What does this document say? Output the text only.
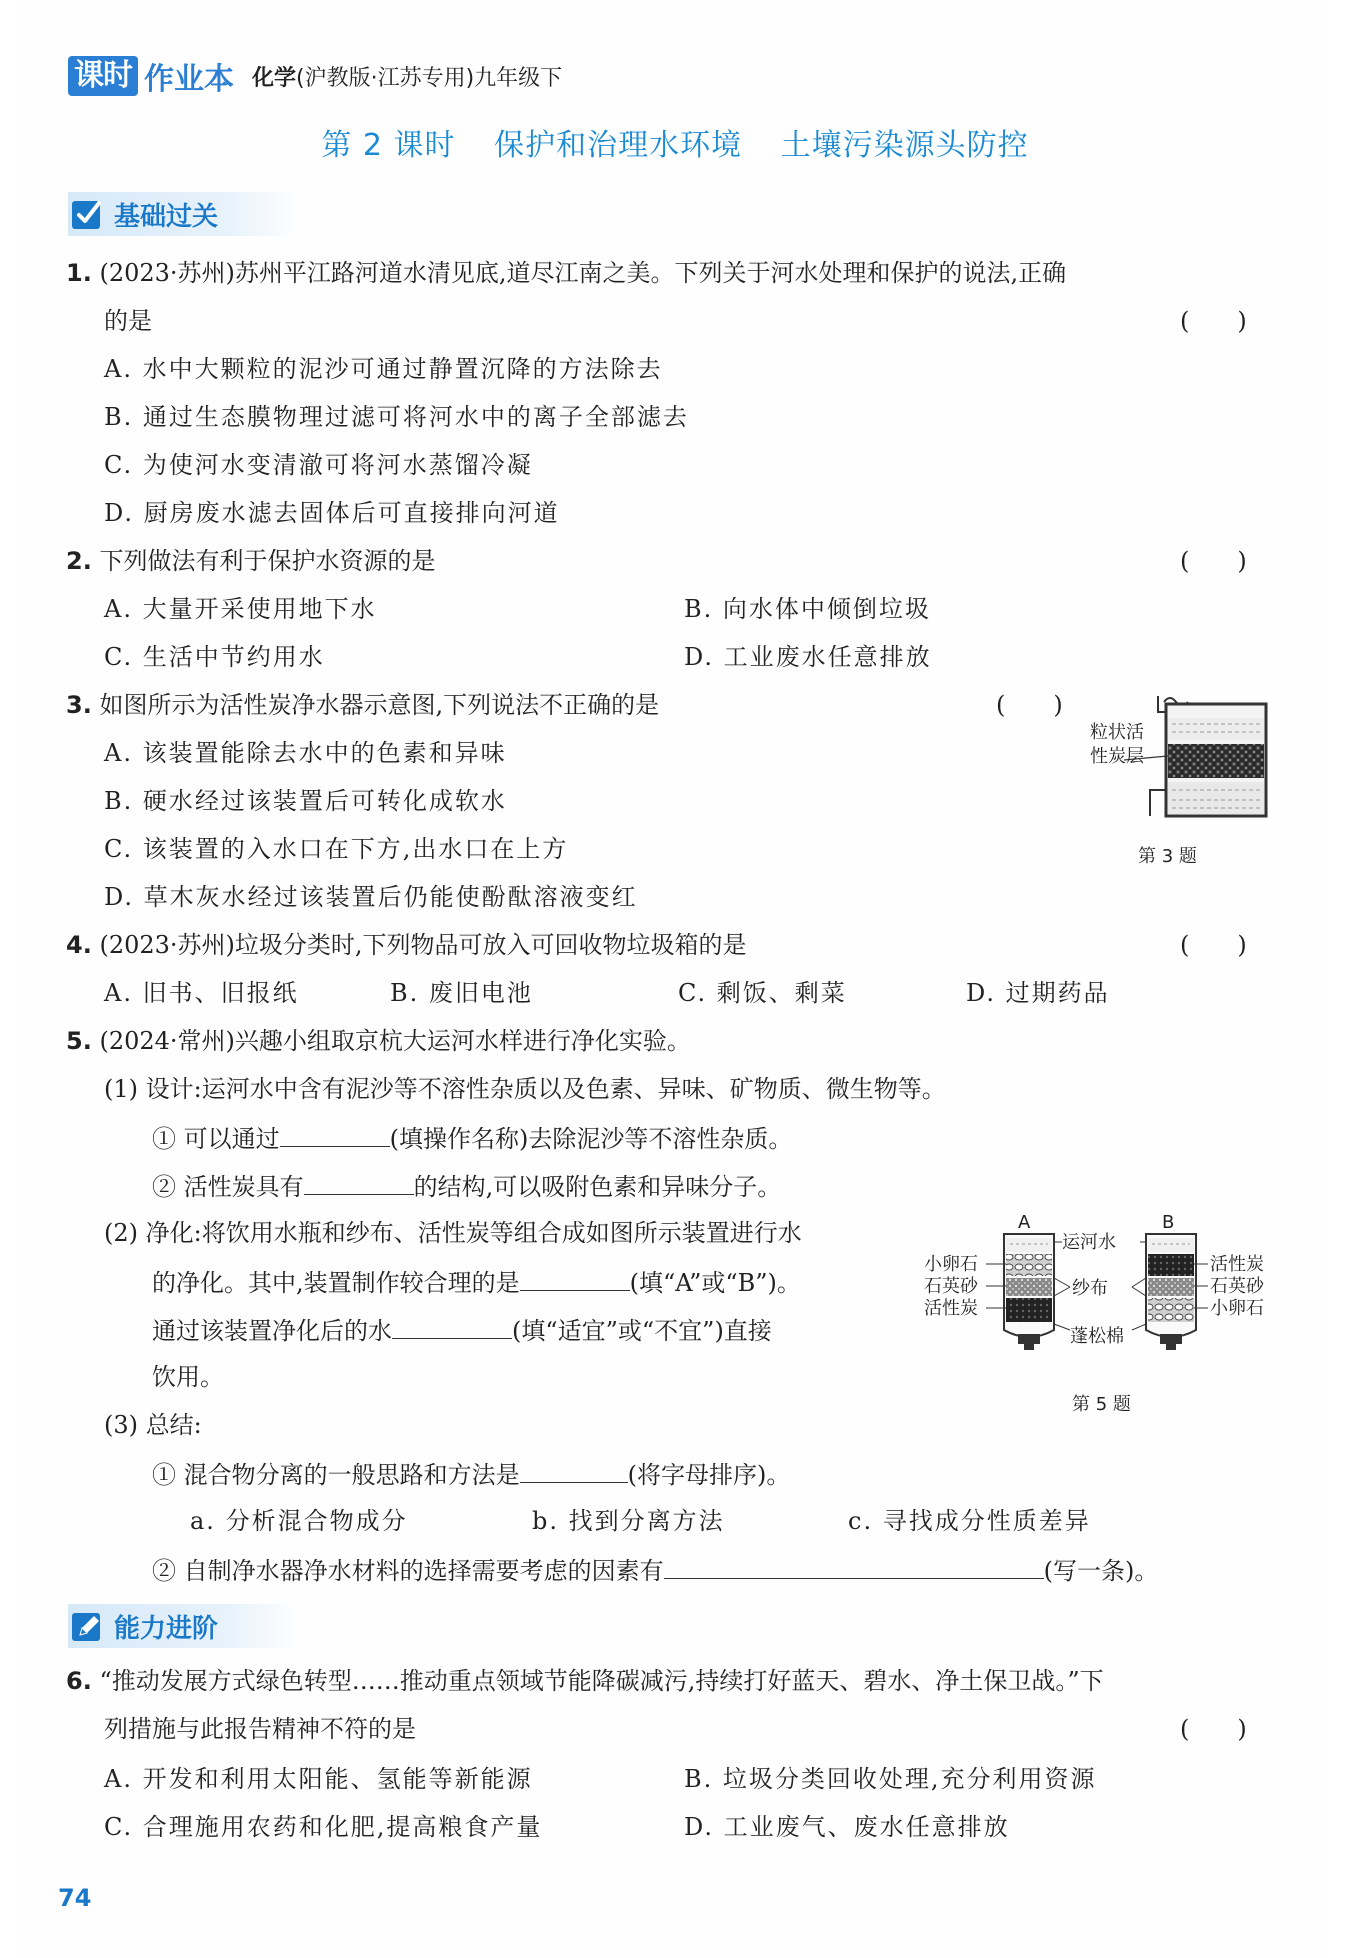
课时 作业本 化学(沪教版·江苏专用)九年级下
第 2 课时 保护和治理水环境 土壤污染源头防控
基础过关
1. (2023·苏州)苏州平江路河道水清见底,道尽江南之美。下列关于河水处理和保护的说法,正确
的是	(　　)
A. 水中大颗粒的泥沙可通过静置沉降的方法除去
B. 通过生态膜物理过滤可将河水中的离子全部滤去
C. 为使河水变清澈可将河水蒸馏冷凝
D. 厨房废水滤去固体后可直接排向河道
2. 下列做法有利于保护水资源的是	(　　)
A. 大量开采使用地下水	B. 向水体中倾倒垃圾
C. 生活中节约用水	D. 工业废水任意排放
3. 如图所示为活性炭净水器示意图,下列说法不正确的是	(　　)
A. 该装置能除去水中的色素和异味
B. 硬水经过该装置后可转化成软水
C. 该装置的入水口在下方,出水口在上方
D. 草木灰水经过该装置后仍能使酚酞溶液变红
粒状活
性炭层
第 3 题
4. (2023·苏州)垃圾分类时,下列物品可放入可回收物垃圾箱的是	(　　)
A. 旧书、旧报纸	B. 废旧电池	C. 剩饭、剩菜	D. 过期药品
5. (2024·常州)兴趣小组取京杭大运河水样进行净化实验。
(1) 设计:运河水中含有泥沙等不溶性杂质以及色素、异味、矿物质、微生物等。
① 可以通过	(填操作名称)去除泥沙等不溶性杂质。
② 活性炭具有	的结构,可以吸附色素和异味分子。
(2) 净化:将饮用水瓶和纱布、活性炭等组合成如图所示装置进行水
的净化。其中,装置制作较合理的是	(填“A”或“B”)。
通过该装置净化后的水	(填“适宜”或“不宜”)直接
饮用。
A	B
运河水
小卵石
石英砂
活性炭
纱布
蓬松棉
活性炭
石英砂
小卵石
第 5 题
(3) 总结:
① 混合物分离的一般思路和方法是	(将字母排序)。
a. 分析混合物成分	b. 找到分离方法	c. 寻找成分性质差异
② 自制净水器净水材料的选择需要考虑的因素有	(写一条)。
能力进阶
6. “推动发展方式绿色转型……推动重点领域节能降碳减污,持续打好蓝天、碧水、净土保卫战。”下
列措施与此报告精神不符的是	(　　)
A. 开发和利用太阳能、氢能等新能源	B. 垃圾分类回收处理,充分利用资源
C. 合理施用农药和化肥,提高粮食产量	D. 工业废气、废水任意排放
74
